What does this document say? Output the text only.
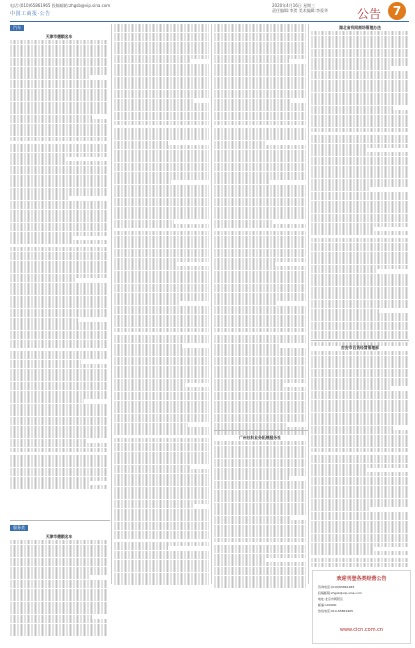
电话:(010)65861965 投稿邮箱:zhgsb@vip.sina.com	2020年4月16日 星期三
责任编辑:李贺 美术编辑:李爱华
中国工商报·公告	公告 7
汽车
天津市德顺名车
服务类
天津市德顺名车
广州社科业务拓展服务社
湖北省有网商场管理办法
吉安市百货经营管理部
欢迎刊登各类经营公告
咨询电话:(010)65861965
投稿邮箱:zhgsb@vip.sina.com
地址:北京市朝阳区
邮编:100000
热线电话:010-65861965
www.cicn.com.cn
